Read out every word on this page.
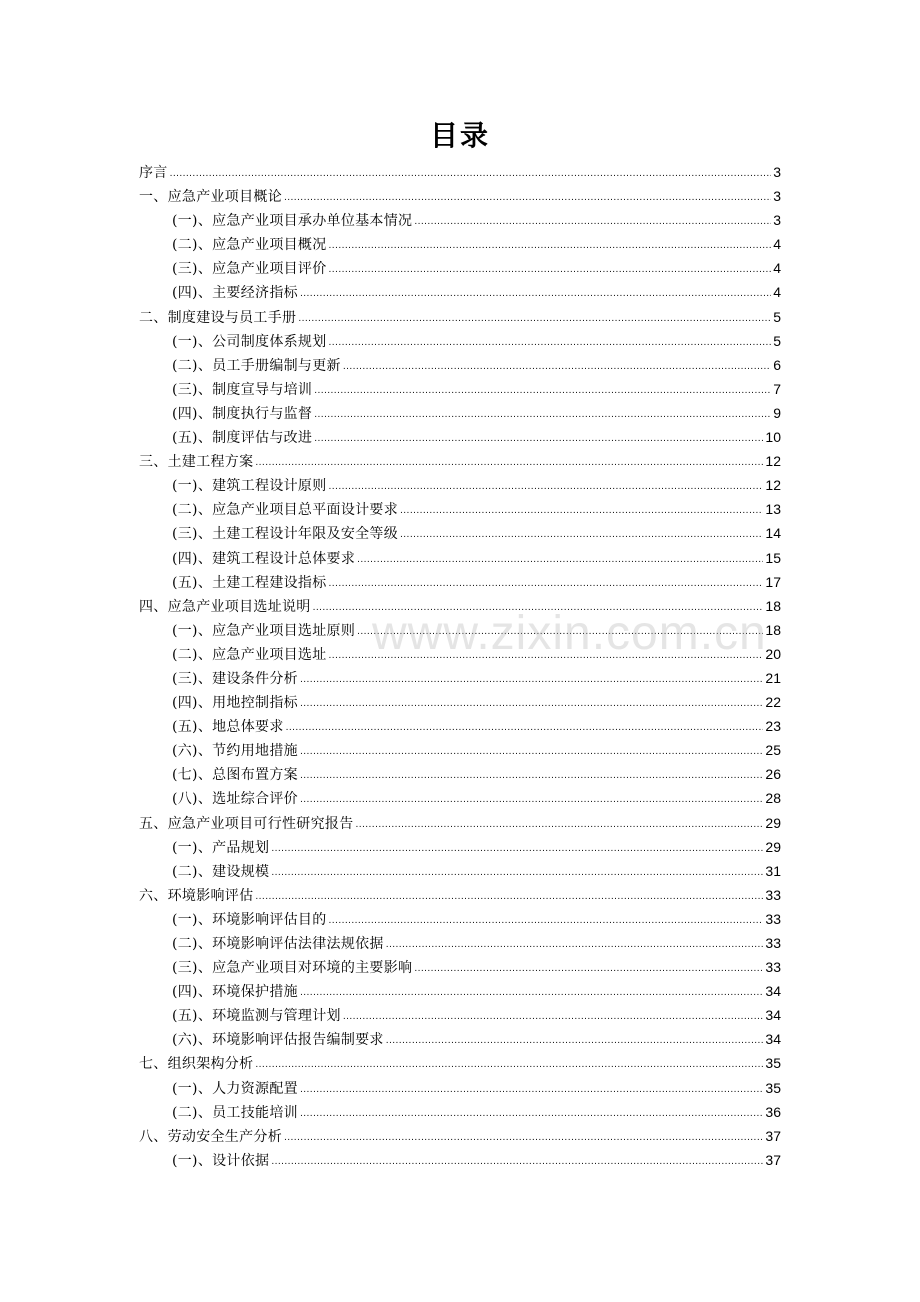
目录
序言 .....	3
一、应急产业项目概论 .....	3
(一)、应急产业项目承办单位基本情况 .....	3
(二)、应急产业项目概况 .....	4
(三)、应急产业项目评价 .....	4
(四)、主要经济指标 .....	4
二、制度建设与员工手册 .....	5
(一)、公司制度体系规划 .....	5
(二)、员工手册编制与更新 .....	6
(三)、制度宣导与培训 .....	7
(四)、制度执行与监督 .....	9
(五)、制度评估与改进 .....	10
三、土建工程方案 .....	12
(一)、建筑工程设计原则 .....	12
(二)、应急产业项目总平面设计要求 .....	13
(三)、土建工程设计年限及安全等级 .....	14
(四)、建筑工程设计总体要求 .....	15
(五)、土建工程建设指标 .....	17
四、应急产业项目选址说明 .....	18
(一)、应急产业项目选址原则 .....	18
(二)、应急产业项目选址 .....	20
(三)、建设条件分析 .....	21
(四)、用地控制指标 .....	22
(五)、地总体要求 .....	23
(六)、节约用地措施 .....	25
(七)、总图布置方案 .....	26
(八)、选址综合评价 .....	28
五、应急产业项目可行性研究报告 .....	29
(一)、产品规划 .....	29
(二)、建设规模 .....	31
六、环境影响评估 .....	33
(一)、环境影响评估目的 .....	33
(二)、环境影响评估法律法规依据 .....	33
(三)、应急产业项目对环境的主要影响 .....	33
(四)、环境保护措施 .....	34
(五)、环境监测与管理计划 .....	34
(六)、环境影响评估报告编制要求 .....	34
七、组织架构分析 .....	35
(一)、人力资源配置 .....	35
(二)、员工技能培训 .....	36
八、劳动安全生产分析 .....	37
(一)、设计依据 .....	37
www.zixin.com.cn
